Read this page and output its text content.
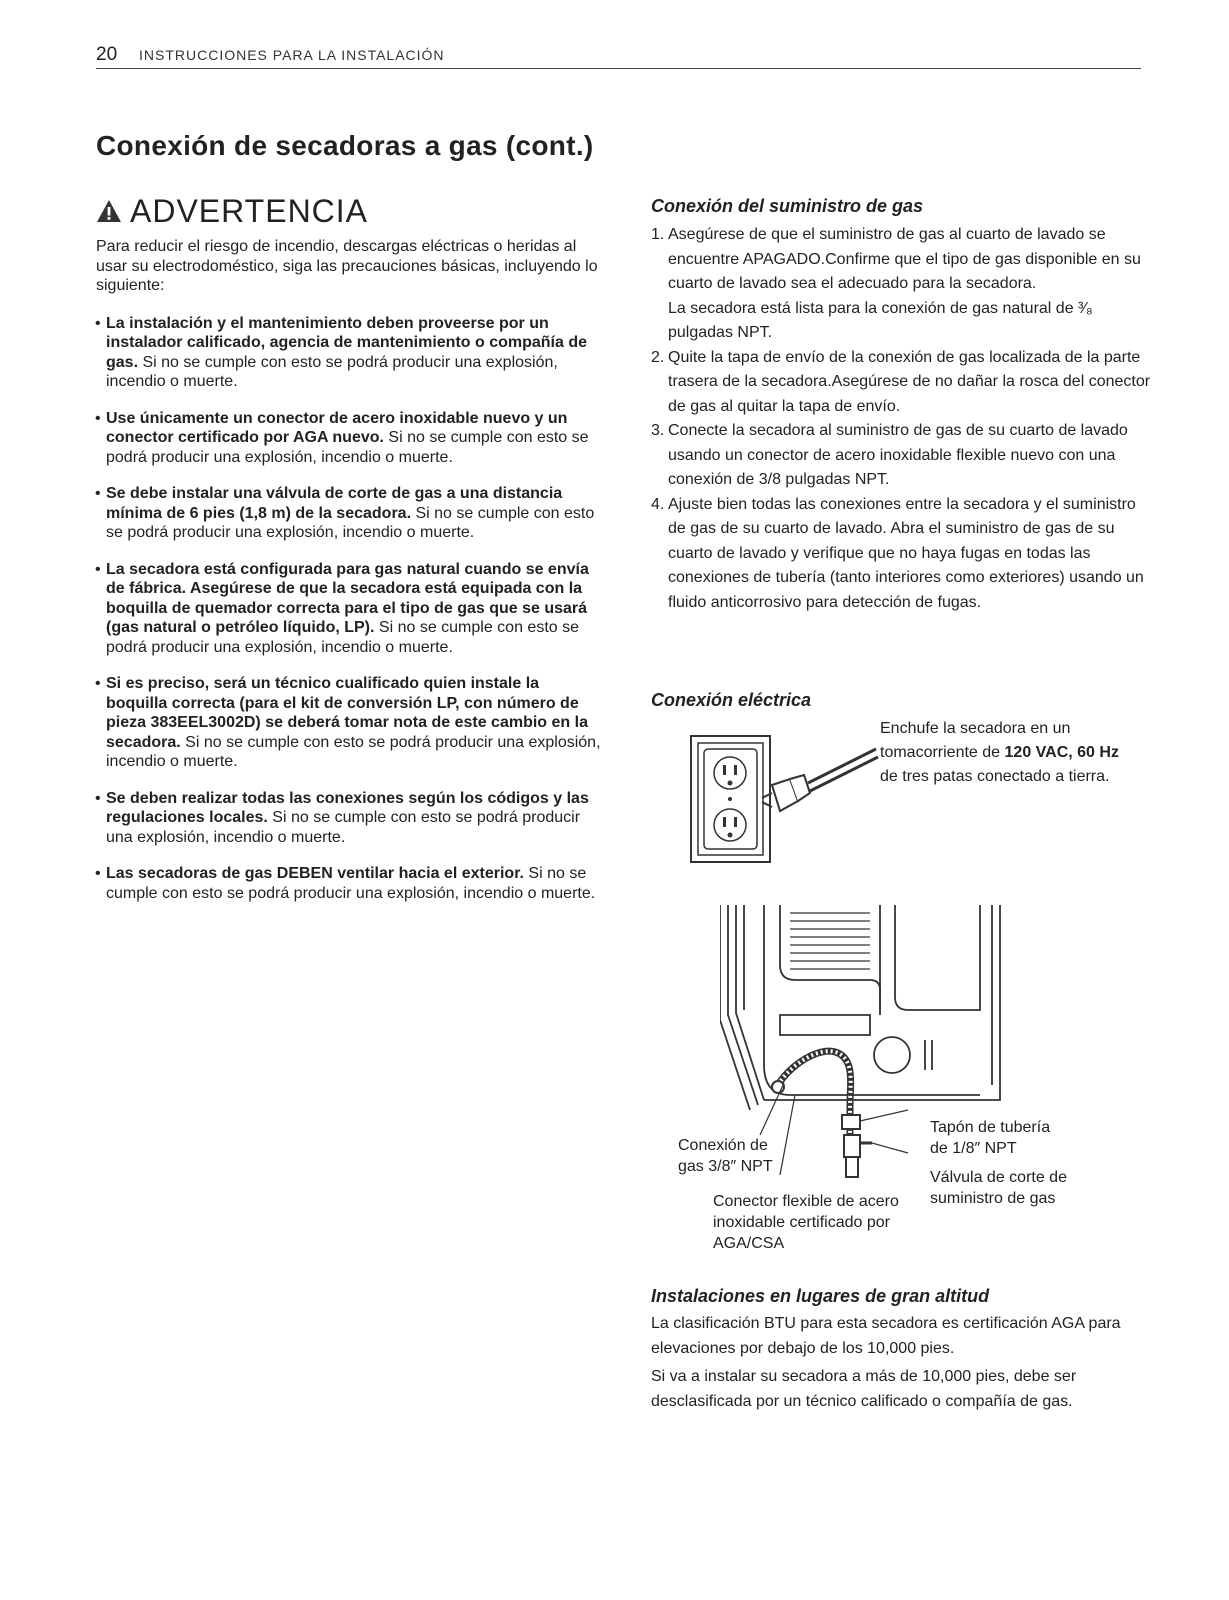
20 INSTRUCCIONES PARA LA INSTALACIÓN
Conexión de secadoras a gas (cont.)
ADVERTENCIA
Para reducir el riesgo de incendio, descargas eléctricas o heridas al usar su electrodoméstico, siga las precauciones básicas, incluyendo lo siguiente:
• La instalación y el mantenimiento deben proveerse por un instalador calificado, agencia de mantenimiento o compañía de gas. Si no se cumple con esto se podrá producir una explosión, incendio o muerte.
• Use únicamente un conector de acero inoxidable nuevo y un conector certificado por AGA nuevo. Si no se cumple con esto se podrá producir una explosión, incendio o muerte.
• Se debe instalar una válvula de corte de gas a una distancia mínima de 6 pies (1,8 m) de la secadora. Si no se cumple con esto se podrá producir una explosión, incendio o muerte.
• La secadora está configurada para gas natural cuando se envía de fábrica. Asegúrese de que la secadora está equipada con la boquilla de quemador correcta para el tipo de gas que se usará (gas natural o petróleo líquido, LP). Si no se cumple con esto se podrá producir una explosión, incendio o muerte.
• Si es preciso, será un técnico cualificado quien instale la boquilla correcta (para el kit de conversión LP, con número de pieza 383EEL3002D) se deberá tomar nota de este cambio en la secadora. Si no se cumple con esto se podrá producir una explosión, incendio o muerte.
• Se deben realizar todas las conexiones según los códigos y las regulaciones locales. Si no se cumple con esto se podrá producir una explosión, incendio o muerte.
• Las secadoras de gas DEBEN ventilar hacia el exterior. Si no se cumple con esto se podrá producir una explosión, incendio o muerte.
Conexión del suministro de gas
1. Asegúrese de que el suministro de gas al cuarto de lavado se encuentre APAGADO.Confirme que el tipo de gas disponible en su cuarto de lavado sea el adecuado para la secadora.
La secadora está lista para la conexión de gas natural de ³⁄₈ pulgadas NPT.
2. Quite la tapa de envío de la conexión de gas localizada de la parte trasera de la secadora.Asegúrese de no dañar la rosca del conector de gas al quitar la tapa de envío.
3. Conecte la secadora al suministro de gas de su cuarto de lavado usando un conector de acero inoxidable flexible nuevo con una conexión de 3/8 pulgadas NPT.
4. Ajuste bien todas las conexiones entre la secadora y el suministro de gas de su cuarto de lavado. Abra el suministro de gas de su cuarto de lavado y verifique que no haya fugas en todas las conexiones de tubería (tanto interiores como exteriores) usando un fluido anticorrosivo para detección de fugas.
Conexión eléctrica
Enchufe la secadora en un tomacorriente de 120 VAC, 60 Hz de tres patas conectado a tierra.
Conexión de gas 3/8″ NPT
Tapón de tubería de 1/8″ NPT
Válvula de corte de suministro de gas
Conector flexible de acero inoxidable certificado por AGA/CSA
Instalaciones en lugares de gran altitud

La clasificación BTU para esta secadora es certificación AGA para elevaciones por debajo de los 10,000 pies.

Si va a instalar su secadora a más de 10,000 pies, debe ser desclasificada por un técnico calificado o compañía de gas.
